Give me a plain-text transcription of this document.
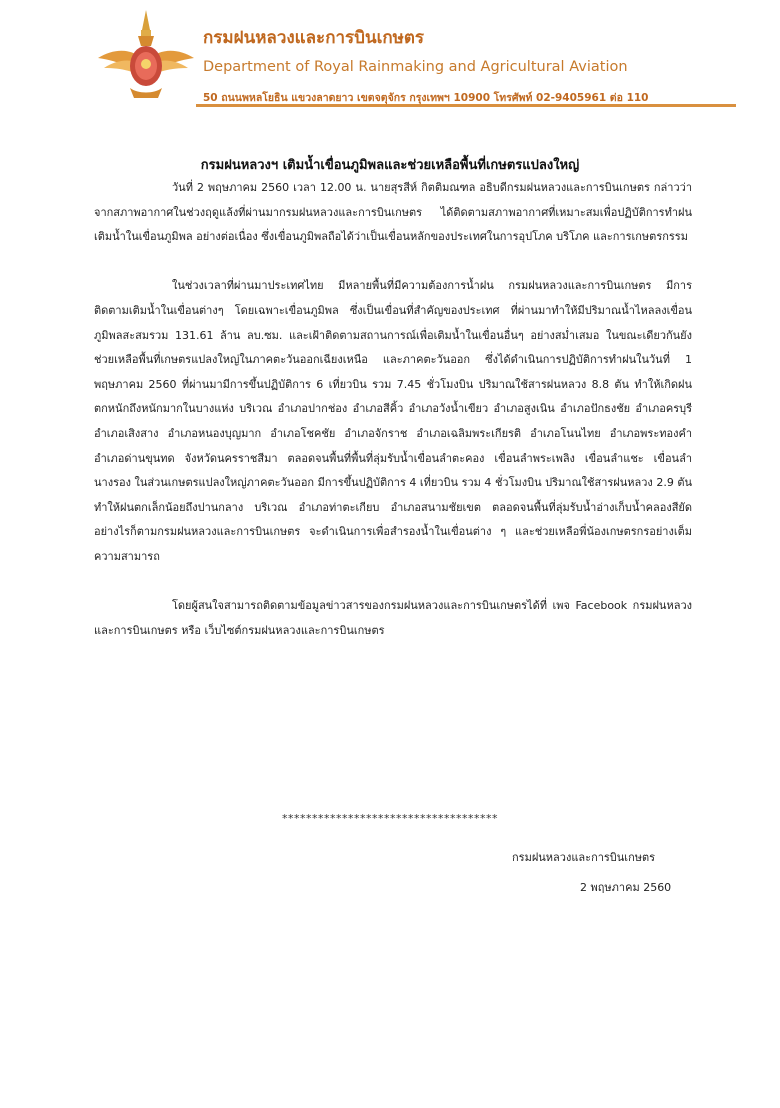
กรมฝนหลวงและการบินเกษตร
Department of Royal Rainmaking and Agricultural Aviation
50 ถนนพหลโยธิน แขวงลาดยาว เขตจตุจักร กรุงเทพฯ 10900 โทรศัพท์ 02-9405961 ต่อ 110
กรมฝนหลวงฯ เติมน้ำเขื่อนภูมิพลและช่วยเหลือพื้นที่เกษตรแปลงใหญ่

วันที่ 2 พฤษภาคม 2560 เวลา 12.00 น. นายสุรสีห์ กิตติมณฑล อธิบดีกรมฝนหลวงและการบินเกษตร กล่าวว่า จากสภาพอากาศในช่วงฤดูแล้งที่ผ่านมากรมฝนหลวงและการบินเกษตร ได้ติดตามสภาพอากาศที่เหมาะสมเพื่อปฏิบัติการทำฝนเติมน้ำในเขื่อนภูมิพล อย่างต่อเนื่อง ซึ่งเขื่อนภูมิพลถือได้ว่าเป็นเขื่อนหลักของประเทศในการอุปโภค บริโภค และการเกษตรกรรม

ในช่วงเวลาที่ผ่านมาประเทศไทย มีหลายพื้นที่มีความต้องการน้ำฝน กรมฝนหลวงและการบินเกษตร มีการติดตามเติมน้ำในเขื่อนต่างๆ โดยเฉพาะเขื่อนภูมิพล ซึ่งเป็นเขื่อนที่สำคัญของประเทศ ที่ผ่านมาทำให้มีปริมาณน้ำไหลลงเขื่อนภูมิพลสะสมรวม 131.61 ล้าน ลบ.ซม. และเฝ้าติดตามสถานการณ์เพื่อเติมน้ำในเขื่อนอื่นๆ อย่างสม่ำเสมอ ในขณะเดียวกันยังช่วยเหลือพื้นที่เกษตรแปลงใหญ่ในภาคตะวันออกเฉียงเหนือ และภาคตะวันออก ซึ่งได้ดำเนินการปฏิบัติการทำฝนในวันที่ 1 พฤษภาคม 2560 ที่ผ่านมามีการขึ้นปฏิบัติการ 6 เที่ยวบิน รวม 7.45 ชั่วโมงบิน ปริมาณใช้สารฝนหลวง 8.8 ตัน ทำให้เกิดฝนตกหนักถึงหนักมากในบางแห่ง บริเวณ อำเภอปากช่อง อำเภอสีคิ้ว อำเภอวังน้ำเขียว อำเภอสูงเนิน อำเภอปักธงชัย อำเภอครบุรี อำเภอเสิงสาง อำเภอหนองบุญมาก อำเภอโชคชัย อำเภอจักราช อำเภอเฉลิมพระเกียรติ อำเภอโนนไทย อำเภอพระทองคำ อำเภอด่านขุนทด จังหวัดนครราชสีมา ตลอดจนพื้นที่พื้นที่ลุ่มรับน้ำเขื่อนลำตะคอง เขื่อนลำพระเพลิง เขื่อนลำแชะ เขื่อนลำนางรอง ในส่วนเกษตรแปลงใหญ่ภาคตะวันออก มีการขึ้นปฏิบัติการ 4 เที่ยวบิน รวม 4 ชั่วโมงบิน ปริมาณใช้สารฝนหลวง 2.9 ตัน ทำให้ฝนตกเล็กน้อยถึงปานกลาง บริเวณ อำเภอท่าตะเกียบ อำเภอสนามชัยเขต ตลอดจนพื้นที่ลุ่มรับน้ำอ่างเก็บน้ำคลองสียัด อย่างไรก็ตามกรมฝนหลวงและการบินเกษตร จะดำเนินการเพื่อสำรองน้ำในเขื่อนต่าง ๆ และช่วยเหลือพี่น้องเกษตรกรอย่างเต็มความสามารถ

โดยผู้สนใจสามารถติดตามข้อมูลข่าวสารของกรมฝนหลวงและการบินเกษตรได้ที่ เพจ Facebook กรมฝนหลวงและการบินเกษตร หรือ เว็บไซต์กรมฝนหลวงและการบินเกษตร

************************************
กรมฝนหลวงและการบินเกษตร
2 พฤษภาคม 2560
